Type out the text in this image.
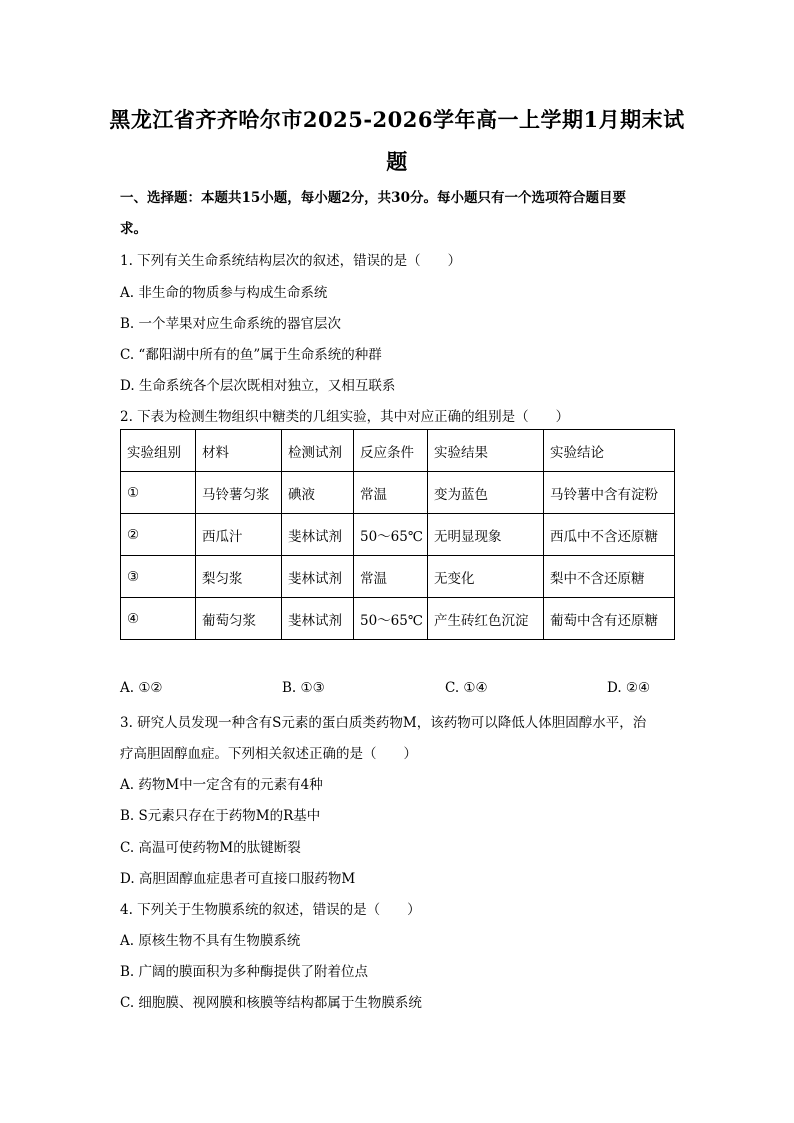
黑龙江省齐齐哈尔市2025-2026学年高一上学期1月期末试
题
一、选择题：本题共15小题，每小题2分，共30分。每小题只有一个选项符合题目要
求。
1. 下列有关生命系统结构层次的叙述，错误的是（　　）
A. 非生命的物质参与构成生命系统
B. 一个苹果对应生命系统的器官层次
C. “鄱阳湖中所有的鱼”属于生命系统的种群
D. 生命系统各个层次既相对独立，又相互联系
2. 下表为检测生物组织中糖类的几组实验，其中对应正确的组别是（　　）
实验组别	材料	检测试剂	反应条件	实验结果	实验结论
①	马铃薯匀浆	碘液	常温	变为蓝色	马铃薯中含有淀粉
②	西瓜汁	斐林试剂	50～65℃	无明显现象	西瓜中不含还原糖
③	梨匀浆	斐林试剂	常温	无变化	梨中不含还原糖
④	葡萄匀浆	斐林试剂	50～65℃	产生砖红色沉淀	葡萄中含有还原糖
A. ①②	B. ①③	C. ①④	D. ②④
3. 研究人员发现一种含有S元素的蛋白质类药物M，该药物可以降低人体胆固醇水平，治
疗高胆固醇血症。下列相关叙述正确的是（　　）
A. 药物M中一定含有的元素有4种
B. S元素只存在于药物M的R基中
C. 高温可使药物M的肽键断裂
D. 高胆固醇血症患者可直接口服药物M
4. 下列关于生物膜系统的叙述，错误的是（　　）
A. 原核生物不具有生物膜系统
B. 广阔的膜面积为多种酶提供了附着位点
C. 细胞膜、视网膜和核膜等结构都属于生物膜系统
